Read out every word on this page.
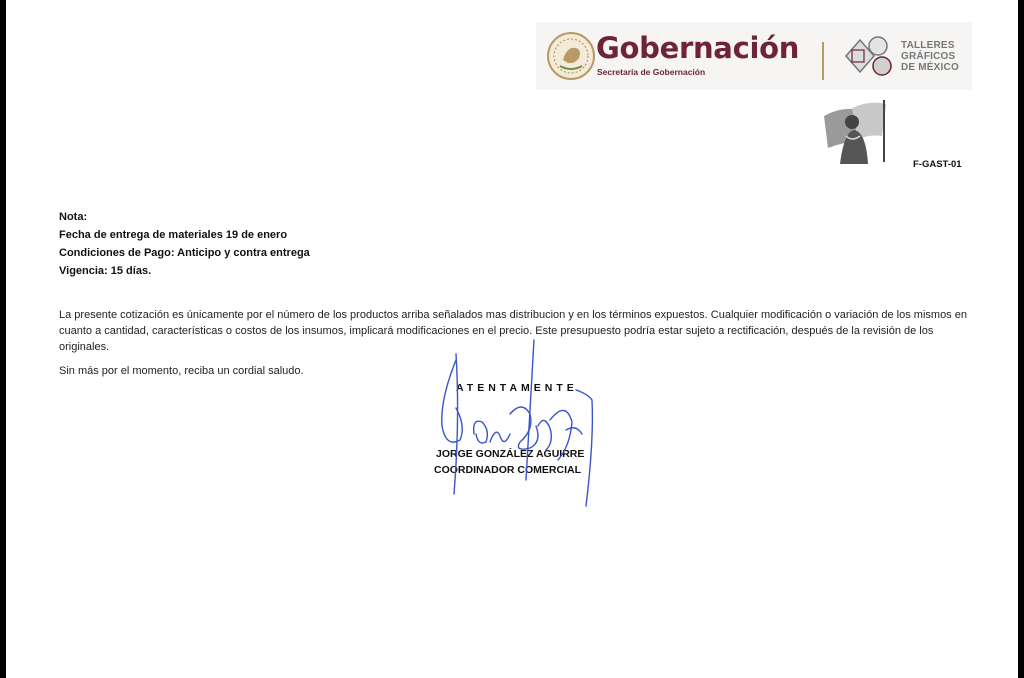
Gobernación
Secretaría de Gobernación
TALLERES
GRÁFICOS
DE MÉXICO
F-GAST-01
Nota:
Fecha de entrega de materiales 19 de enero
Condiciones de Pago: Anticipo y contra entrega
Vigencia: 15 días.
La presente cotización es únicamente por el número de los productos arriba señalados mas distribucion y en los términos expuestos. Cualquier modificación o variación de los mismos en cuanto a cantidad, características o costos de los insumos, implicará modificaciones en el precio. Este presupuesto podría estar sujeto a rectificación, después de la revisión de los originales.
Sin más por el momento, reciba un cordial saludo.
ATENTAMENTE
JORGE GONZÁLEZ AGUIRRE
COORDINADOR COMERCIAL
